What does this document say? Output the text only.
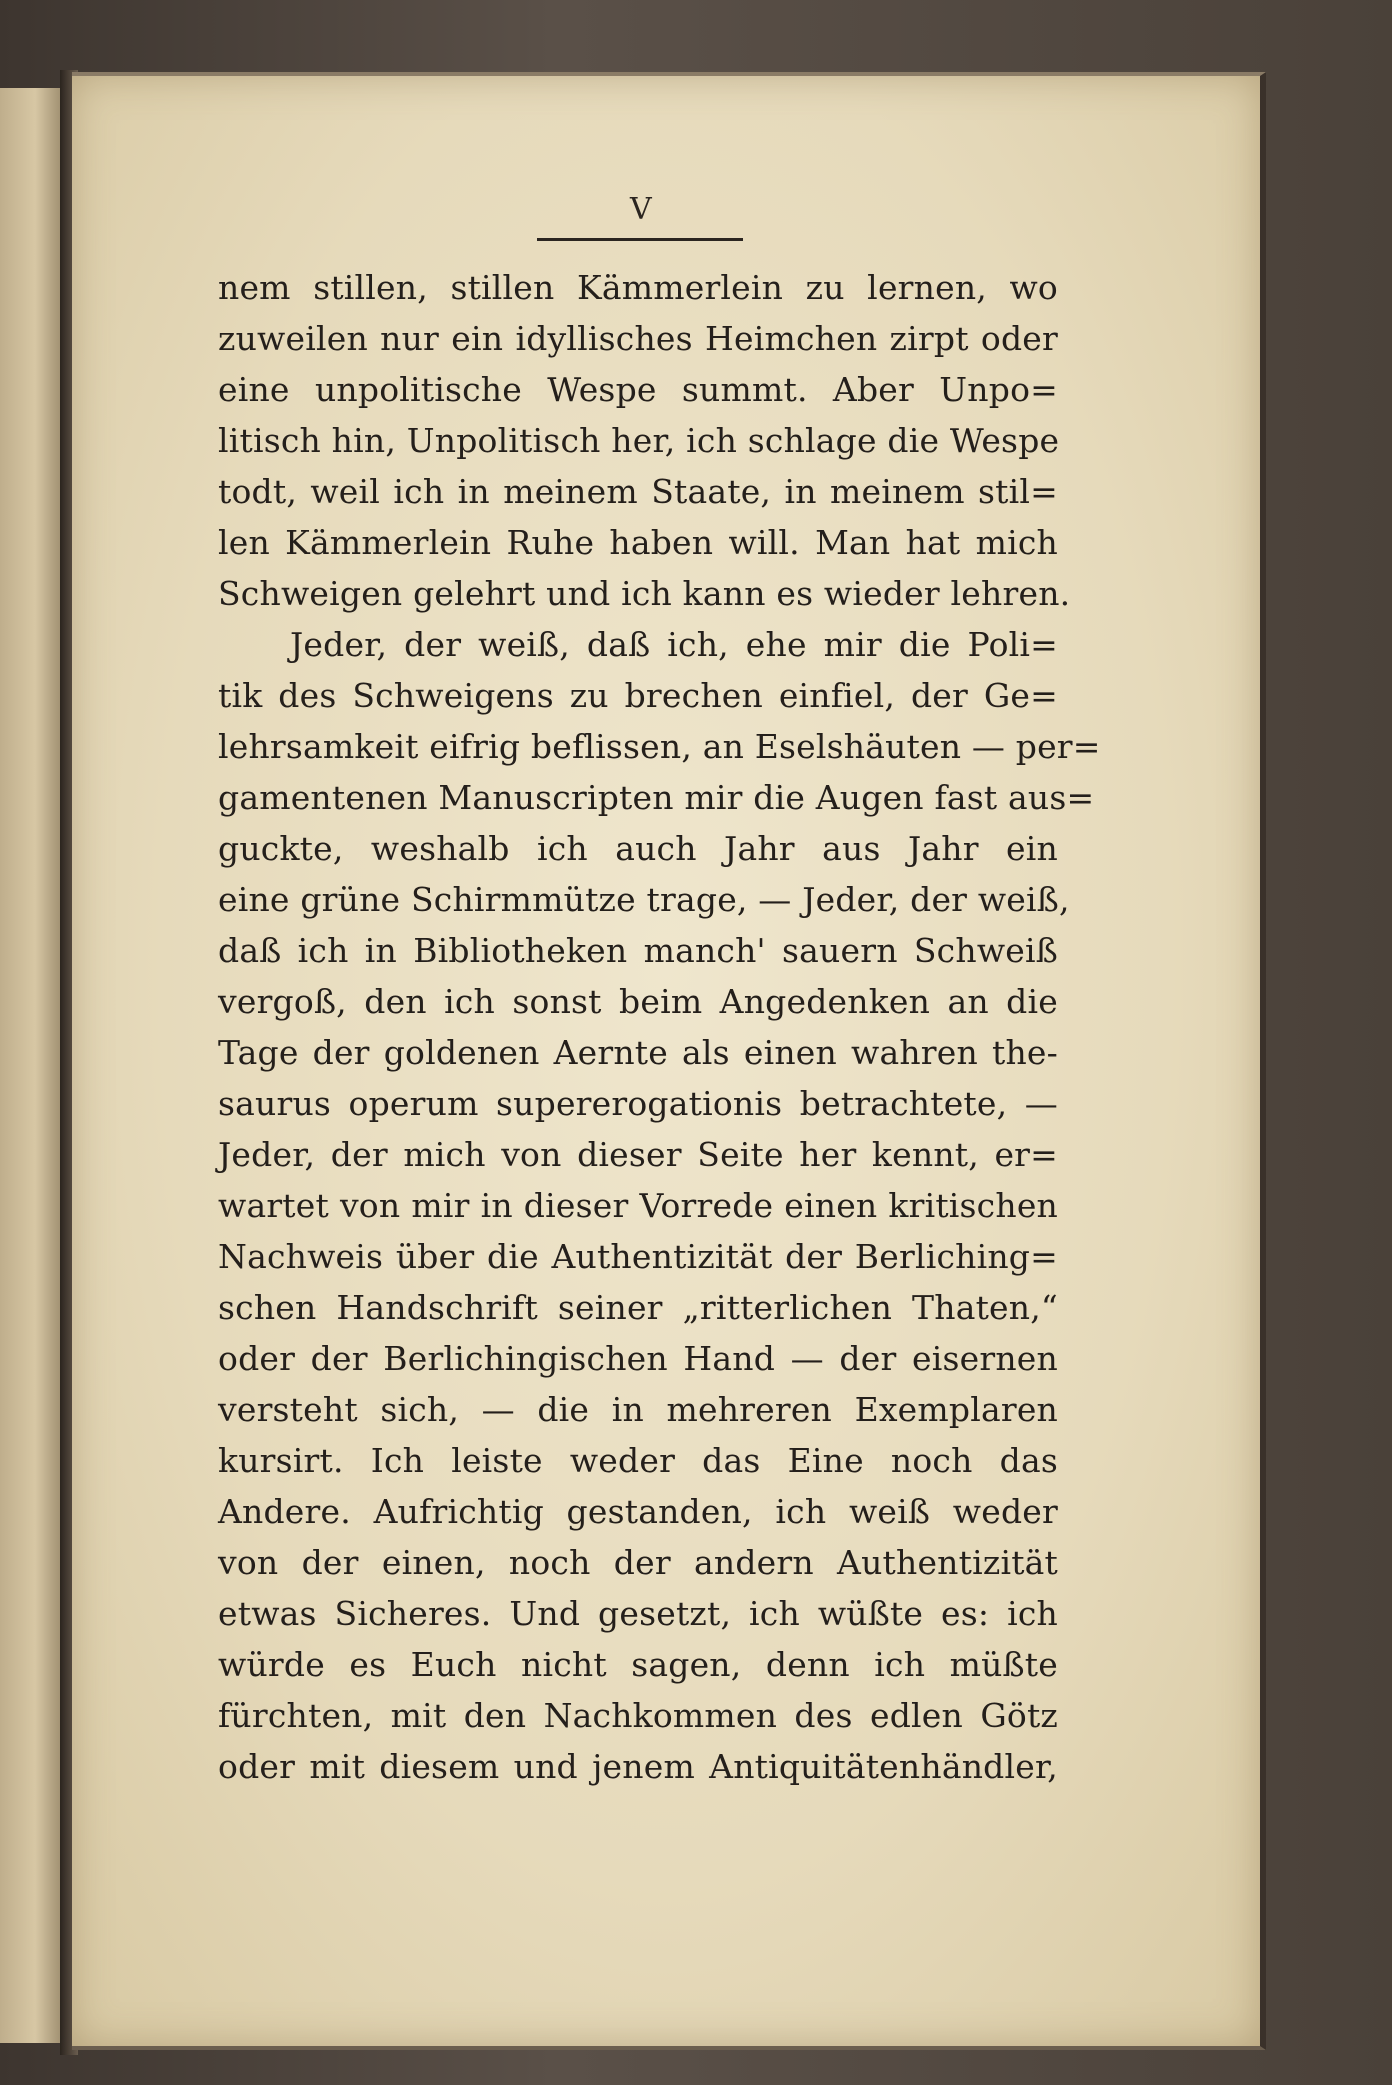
V
nem stillen, stillen Kämmerlein zu lernen, wo
zuweilen nur ein idyllisches Heimchen zirpt oder
eine unpolitische Wespe summt. Aber Unpo=
litisch hin, Unpolitisch her, ich schlage die Wespe
todt, weil ich in meinem Staate, in meinem stil=
len Kämmerlein Ruhe haben will. Man hat mich
Schweigen gelehrt und ich kann es wieder lehren.
Jeder, der weiß, daß ich, ehe mir die Poli=
tik des Schweigens zu brechen einfiel, der Ge=
lehrsamkeit eifrig beflissen, an Eselshäuten — per=
gamentenen Manuscripten mir die Augen fast aus=
guckte, weshalb ich auch Jahr aus Jahr ein
eine grüne Schirmmütze trage, — Jeder, der weiß,
daß ich in Bibliotheken manch' sauern Schweiß
vergoß, den ich sonst beim Angedenken an die
Tage der goldenen Aernte als einen wahren the-
saurus operum supererogationis betrachtete, —
Jeder, der mich von dieser Seite her kennt, er=
wartet von mir in dieser Vorrede einen kritischen
Nachweis über die Authentizität der Berliching=
schen Handschrift seiner „ritterlichen Thaten,“
oder der Berlichingischen Hand — der eisernen
versteht sich, — die in mehreren Exemplaren
kursirt. Ich leiste weder das Eine noch das
Andere. Aufrichtig gestanden, ich weiß weder
von der einen, noch der andern Authentizität
etwas Sicheres. Und gesetzt, ich wüßte es: ich
würde es Euch nicht sagen, denn ich müßte
fürchten, mit den Nachkommen des edlen Götz
oder mit diesem und jenem Antiquitätenhändler,
